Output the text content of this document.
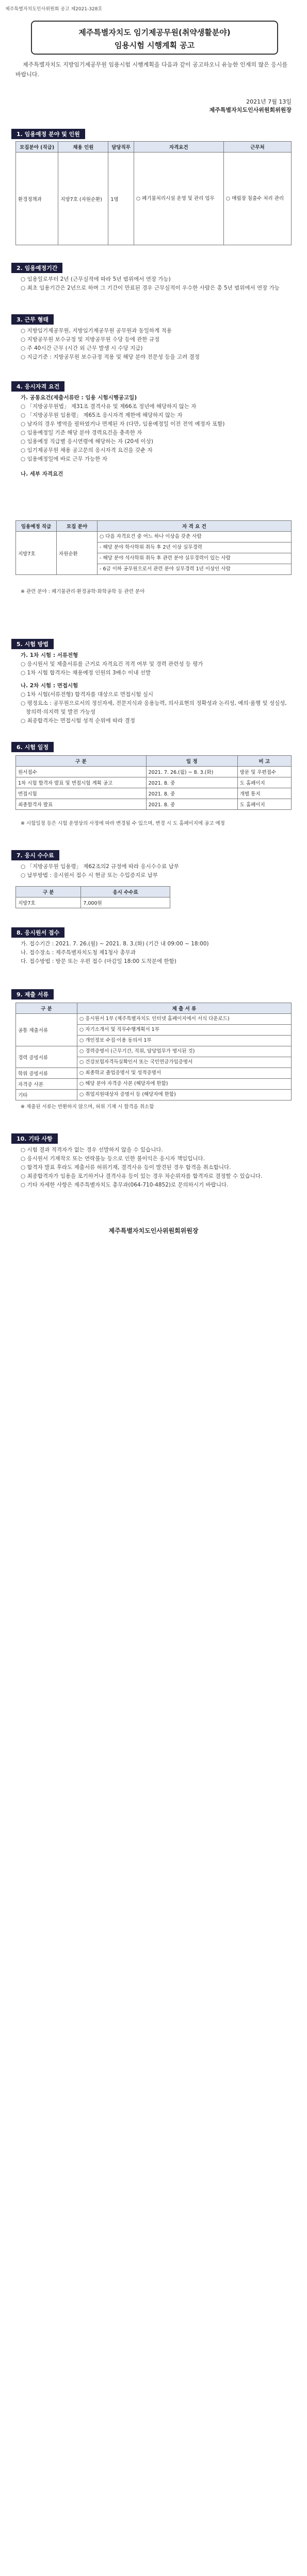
제주특별자치도인사위원회 공고 제2021-328호
제주특별자치도 임기제공무원(취약생활분야)
임용시험 시행계획 공고
제주특별자치도 지방임기제공무원 임용시험 시행계획을 다음과 같이 공고하오니 유능한 인재의 많은 응시를 바랍니다.
2021년 7월 13일
제주특별자치도인사위원회위원장
1. 임용예정 분야 및 인원
모집분야 (직급)	채용 인원	담당직무	자격요건	근무처
환경정책과	지방7호 (자원순환)	1명	○ 폐기물처리시설 운영 및 관리 업무	○ 매립장 침출수 처리 관리
2. 임용예정기간
○ 임용일로부터 2년 (근무실적에 따라 5년 범위에서 연장 가능)
○ 최초 임용기간은 2년으로 하며 그 기간이 만료된 경우 근무실적이 우수한 사람은 총 5년 범위에서 연장 가능
3. 근무 형태
○ 지방임기제공무원, 지방임기제공무원 공무원과 동일하게 적용
○ 지방공무원 보수규정 및 지방공무원 수당 등에 관한 규정
○ 주 40시간 근무 (시간 외 근무 발생 시 수당 지급)
○ 지급기준 : 지방공무원 보수규정 적용 및 해당 분야 전문성 등을 고려 결정
4. 응시자격 요건
가. 공통요건(제출서류란 : 임용 시험시행공고일)
○ 「지방공무원법」 제31조 결격사유 및 제66조 정년에 해당하지 않는 자
○ 「지방공무원 임용령」 제65조 응시자격 제한에 해당하지 않는 자
○ 남자의 경우 병역을 필하였거나 면제된 자 (다만, 임용예정일 이전 전역 예정자 포함)
○ 임용예정일 기준 해당 분야 경력요건을 충족한 자
○ 임용예정 직급별 응시연령에 해당하는 자 (20세 이상)
○ 임기제공무원 채용 공고문의 응시자격 요건을 갖춘 자
○ 임용예정일에 바로 근무 가능한 자
나. 세부 자격요건
임용예정 직급	모집 분야	자 격 요 건
지방7호	자원순환	○ 다음 자격요건 중 어느 하나 이상을 갖춘 사람
		- 해당 분야 학사학위 취득 후 2년 이상 실무경력
		- 해당 분야 석사학위 취득 후 관련 분야 실무경력이 있는 사람
		- 6급 이하 공무원으로서 관련 분야 실무경력 1년 이상인 사람
※ 관련 분야 : 폐기물관리·환경공학·화학공학 등 관련 분야
5. 시험 방법
가. 1차 시험 : 서류전형
○ 응시원서 및 제출서류를 근거로 자격요건 적격 여부 및 경력 관련성 등 평가
○ 1차 시험 합격자는 채용예정 인원의 3배수 이내 선발
나. 2차 시험 : 면접시험
○ 1차 시험(서류전형) 합격자를 대상으로 면접시험 실시
○ 평정요소 : 공무원으로서의 정신자세, 전문지식과 응용능력, 의사표현의 정확성과 논리성, 예의·품행 및 성실성, 창의력·의지력 및 발전 가능성
○ 최종합격자는 면접시험 성적 순위에 따라 결정
6. 시험 일정
구 분	일 정	비 고
원서접수	2021. 7. 26.(월) ~ 8. 3.(화)	방문 및 우편접수
1차 시험 합격자 발표 및 면접시험 계획 공고	2021. 8. 중	도 홈페이지
면접시험	2021. 8. 중	개별 통지
최종합격자 발표	2021. 8. 중	도 홈페이지
※ 시험일정 등은 시험 운영상의 사정에 따라 변경될 수 있으며, 변경 시 도 홈페이지에 공고 예정
7. 응시 수수료
○ 「지방공무원 임용령」 제62조의2 규정에 따라 응시수수료 납부
○ 납부방법 : 응시원서 접수 시 현금 또는 수입증지로 납부
구 분	응시 수수료
지방7호	7,000원
8. 응시원서 접수
가. 접수기간 : 2021. 7. 26.(월) ~ 2021. 8. 3.(화) (기간 내 09:00 ~ 18:00)
나. 접수장소 : 제주특별자치도청 제1청사 총무과
다. 접수방법 : 방문 또는 우편 접수 (마감일 18:00 도착분에 한함)
9. 제출 서류
구 분	제 출 서 류
공통 제출서류	○ 응시원서 1부 (제주특별자치도 인터넷 홈페이지에서 서식 다운로드)
	○ 자기소개서 및 직무수행계획서 1부
	○ 개인정보 수집·이용 동의서 1부
경력 증빙서류	○ 경력증명서 (근무기간, 직위, 담당업무가 명시된 것)
	○ 건강보험자격득실확인서 또는 국민연금가입증명서
학위 증빙서류	○ 최종학교 졸업증명서 및 성적증명서
자격증 사본	○ 해당 분야 자격증 사본 (해당자에 한함)
기타	○ 취업지원대상자 증명서 등 (해당자에 한함)
※ 제출된 서류는 반환하지 않으며, 허위 기재 시 합격을 취소함
10. 기타 사항
○ 시험 결과 적격자가 없는 경우 선발하지 않을 수 있습니다.
○ 응시원서 기재착오 또는 연락불능 등으로 인한 불이익은 응시자 책임입니다.
○ 합격자 발표 후라도 제출서류 허위기재, 결격사유 등이 발견된 경우 합격을 취소합니다.
○ 최종합격자가 임용을 포기하거나 결격사유 등이 있는 경우 차순위자를 합격자로 결정할 수 있습니다.
○ 기타 자세한 사항은 제주특별자치도 총무과(064-710-4852)로 문의하시기 바랍니다.
제주특별자치도인사위원회위원장
